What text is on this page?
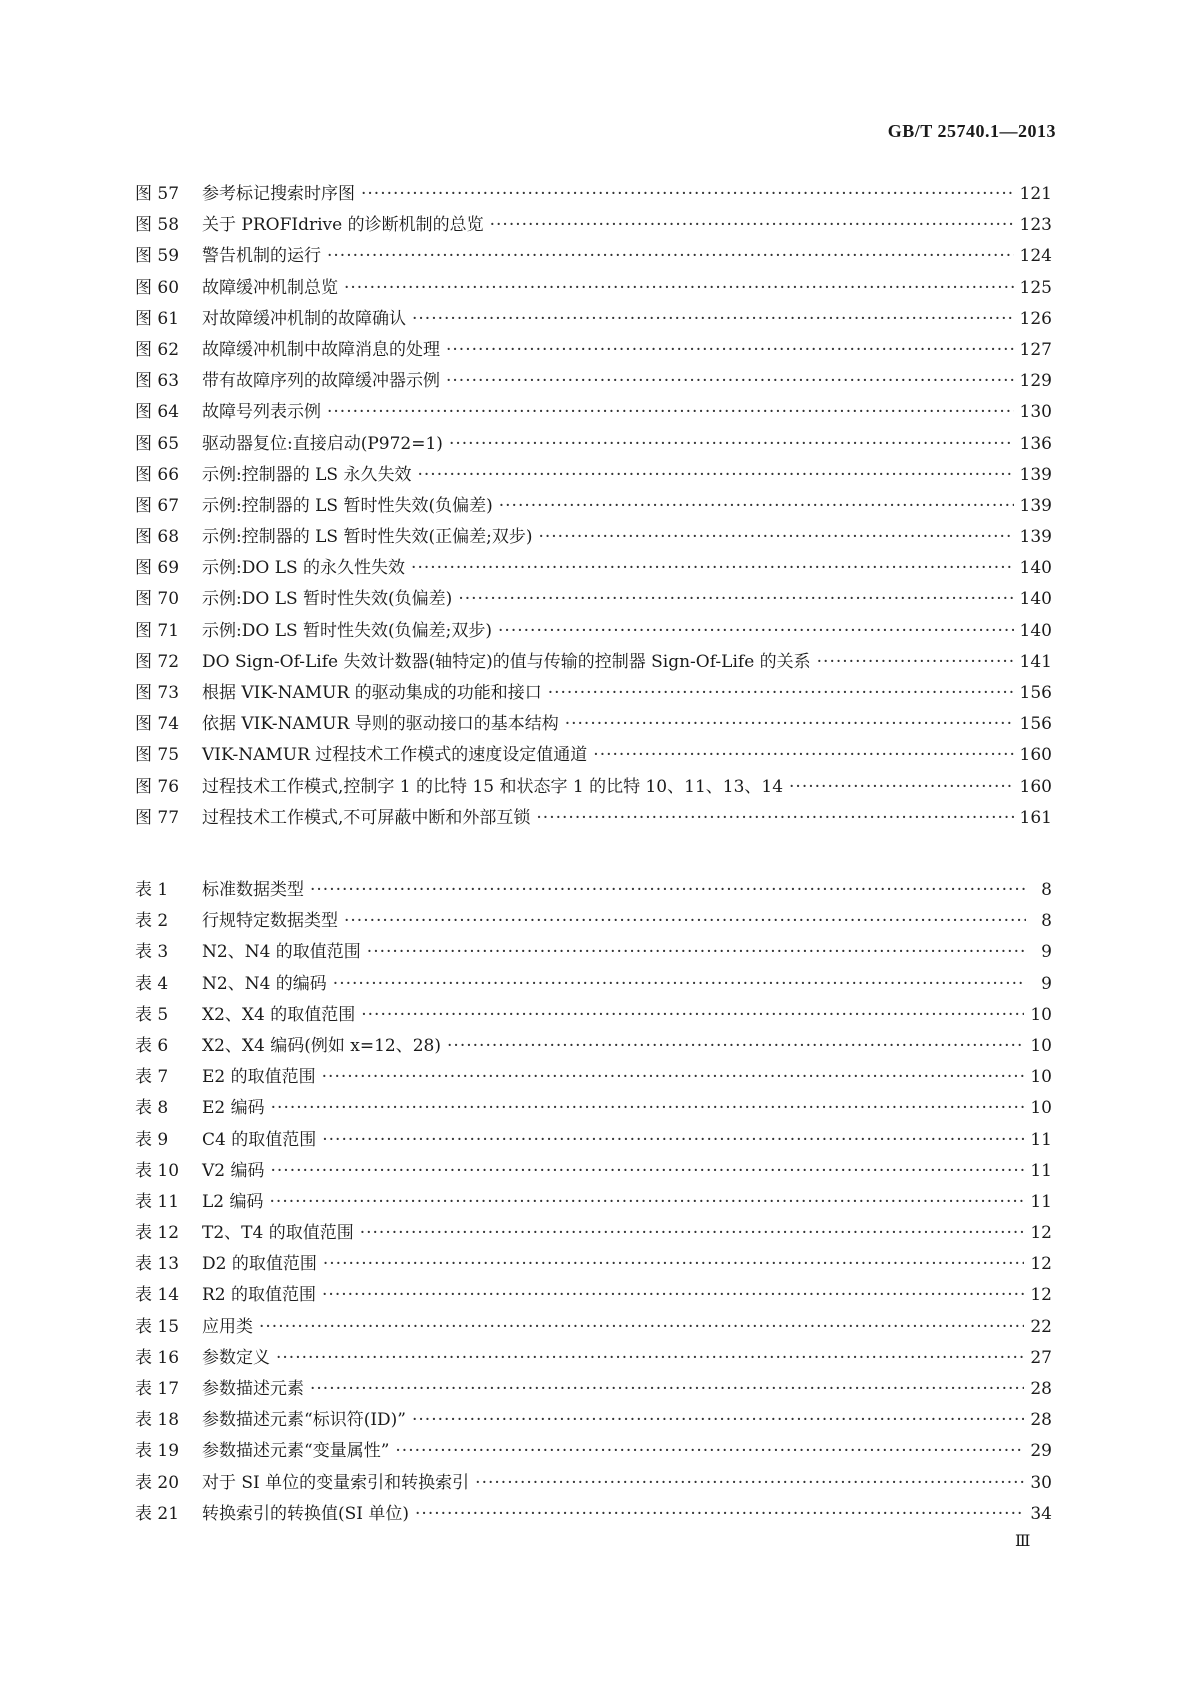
GB/T 25740.1—2013

图 57	参考标记搜索时序图 ·····	121
图 58	关于 PROFIdrive 的诊断机制的总览 ·····	123
图 59	警告机制的运行 ·····	124
图 60	故障缓冲机制总览 ·····	125
图 61	对故障缓冲机制的故障确认 ·····	126
图 62	故障缓冲机制中故障消息的处理 ·····	127
图 63	带有故障序列的故障缓冲器示例 ·····	129
图 64	故障号列表示例 ·····	130
图 65	驱动器复位:直接启动(P972=1) ·····	136
图 66	示例:控制器的 LS 永久失效 ·····	139
图 67	示例:控制器的 LS 暂时性失效(负偏差) ·····	139
图 68	示例:控制器的 LS 暂时性失效(正偏差;双步) ·····	139
图 69	示例:DO LS 的永久性失效 ·····	140
图 70	示例:DO LS 暂时性失效(负偏差) ·····	140
图 71	示例:DO LS 暂时性失效(负偏差;双步) ·····	140
图 72	DO Sign-Of-Life 失效计数器(轴特定)的值与传输的控制器 Sign-Of-Life 的关系 ·····	141
图 73	根据 VIK-NAMUR 的驱动集成的功能和接口 ·····	156
图 74	依据 VIK-NAMUR 导则的驱动接口的基本结构 ·····	156
图 75	VIK-NAMUR 过程技术工作模式的速度设定值通道 ·····	160
图 76	过程技术工作模式,控制字 1 的比特 15 和状态字 1 的比特 10、11、13、14 ·····	160
图 77	过程技术工作模式,不可屏蔽中断和外部互锁 ·····	161
表 1	标准数据类型 ·····	8
表 2	行规特定数据类型 ·····	8
表 3	N2、N4 的取值范围 ·····	9
表 4	N2、N4 的编码 ·····	9
表 5	X2、X4 的取值范围 ·····	10
表 6	X2、X4 编码(例如 x=12、28) ·····	10
表 7	E2 的取值范围 ·····	10
表 8	E2 编码 ·····	10
表 9	C4 的取值范围 ·····	11
表 10	V2 编码 ·····	11
表 11	L2 编码 ·····	11
表 12	T2、T4 的取值范围 ·····	12
表 13	D2 的取值范围 ·····	12
表 14	R2 的取值范围 ·····	12
表 15	应用类 ·····	22
表 16	参数定义 ·····	27
表 17	参数描述元素 ·····	28
表 18	参数描述元素“标识符(ID)” ·····	28
表 19	参数描述元素“变量属性” ·····	29
表 20	对于 SI 单位的变量索引和转换索引 ·····	30
表 21	转换索引的转换值(SI 单位) ·····	34

Ⅲ
